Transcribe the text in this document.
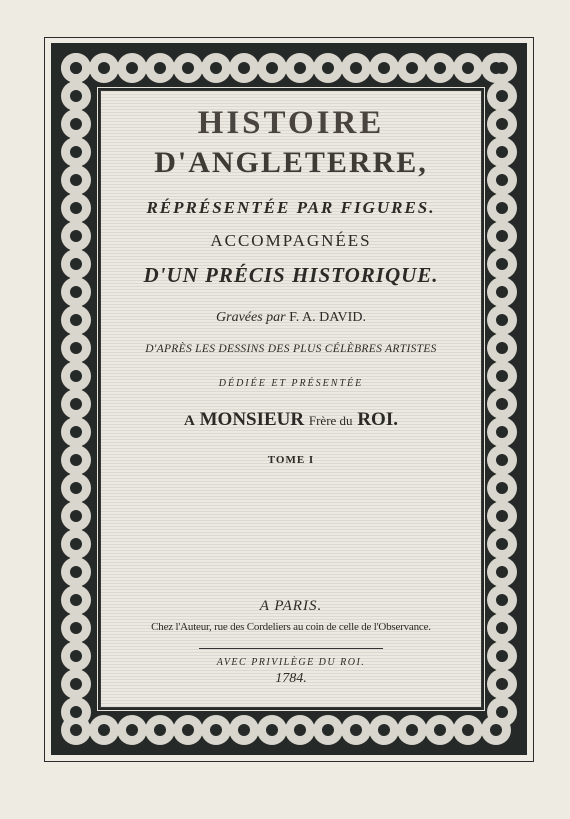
HISTOIRE
D'ANGLETERRE,
RÉPRÉSENTÉE PAR FIGURES.
ACCOMPAGNÉES
D'UN PRÉCIS HISTORIQUE.
Gravées par F. A. DAVID.
D'APRÈS LES DESSINS DES PLUS CÉLÈBRES ARTISTES
DÉDIÉE ET PRÉSENTÉE
A MONSIEUR Frère du ROI.
TOME I
A PARIS.
Chez l'Auteur, rue des Cordeliers au coin de celle de l'Observance.
AVEC PRIVILÈGE DU ROI.
1784.
